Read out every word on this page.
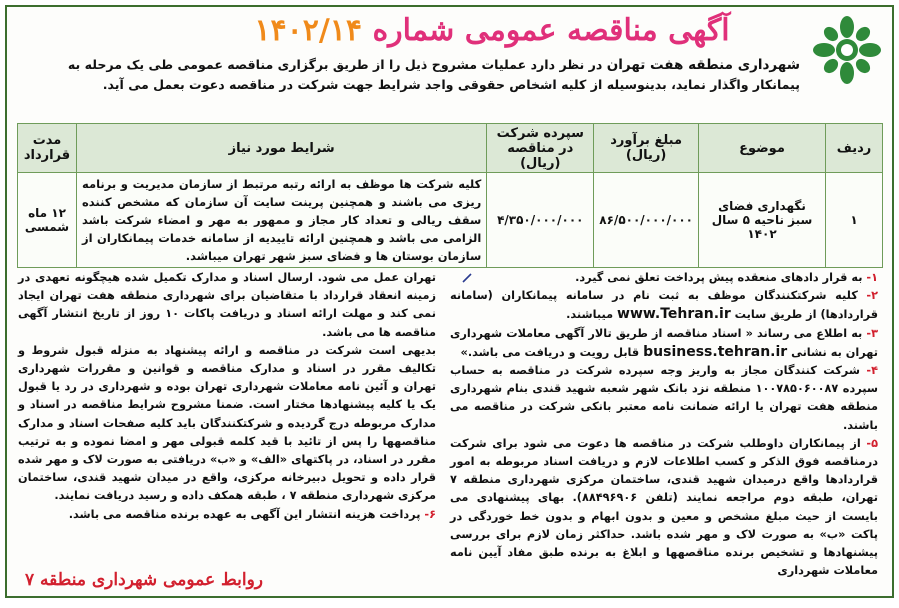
آگهی مناقصه عمومی شماره ۱۴۰۲/۱۴
شهرداری منطقه هفت تهران در نظر دارد عملیات مشروح ذیل را از طریق برگزاری مناقصه عمومی طی یک مرحله به پیمانکار واگذار نماید، بدینوسیله از کلیه اشخاص حقوقی واجد شرایط جهت شرکت در مناقصه دعوت بعمل می آید.
ردیف	موضوع	مبلغ برآورد (ریال)	سپرده شرکت در مناقصه (ریال)	شرایط مورد نیاز	مدت قرارداد
۱	نگهداری فضای سبز ناحیه ۵ سال ۱۴۰۲	۸۶/۵۰۰/۰۰۰/۰۰۰	۴/۳۵۰/۰۰۰/۰۰۰	کلیه شرکت ها موظف به ارائه رتبه مرتبط از سازمان مدیریت و برنامه ریزی می باشند و همچنین پرینت سایت آن سازمان که مشخص کننده سقف ریالی و تعداد کار مجاز و ممهور به مهر و امضاء شرکت باشد الزامی می باشد و همچنین ارائه تاییدیه از سامانه خدمات پیمانکاران از سازمان بوستان ها و فضای سبز شهر تهران میباشد.	۱۲ ماه شمسی

۱- به قرار دادهای منعقده پیش پرداخت تعلق نمی گیرد.

۲- کلیه شرکتکنندگان موظف به ثبت نام در سامانه پیمانکاران (سامانه قراردادها) از طریق سایت www.Tehran.ir میباشند.

۳- به اطلاع می رساند « اسناد مناقصه از طریق تالار آگهی معاملات شهرداری تهران به نشانی business.tehran.ir قابل رویت و دریافت می باشد.»

۴- شرکت کنندگان مجاز به واریز وجه سپرده شرکت در مناقصه به حساب سپرده ۱۰۰۷۸۵۰۶۰۰۸۷ منطقه نزد بانک شهر شعبه شهید قندی بنام شهرداری منطقه هفت تهران یا ارائه ضمانت نامه معتبر بانکی شرکت در مناقصه می باشند.

۵- از پیمانکاران داوطلب شرکت در مناقصه ها دعوت می شود برای شرکت درمناقصه فوق الذکر و کسب اطلاعات لازم و دریافت اسناد مربوطه به امور قراردادها واقع درمیدان شهید قندی، ساختمان مرکزی شهرداری منطقه ۷ تهران، طبقه دوم مراجعه نمایند (تلفن ۸۸۴۹۶۹۰۶). بهای پیشنهادی می بایست از حیث مبلغ مشخص و معین و بدون ابهام و بدون خط خوردگی در پاکت «ب» به صورت لاک و مهر شده باشد. حداکثر زمان لازم برای بررسی پیشنهادها و تشخیص برنده مناقصهها و ابلاغ به برنده طبق مفاد آیین نامه معاملات شهرداری

تهران عمل می شود. ارسال اسناد و مدارک تکمیل شده هیچگونه تعهدی در زمینه انعقاد قرارداد با متقاضیان برای شهرداری منطقه هفت تهران ایجاد نمی کند و مهلت ارائه اسناد و دریافت پاکات ۱۰ روز از تاریخ انتشار آگهی مناقصه ها می باشد.

بدیهی است شرکت در مناقصه و ارائه پیشنهاد به منزله قبول شروط و تکالیف مقرر در اسناد و مدارک مناقصه و قوانین و مقررات شهرداری تهران و آئین نامه معاملات شهرداری تهران بوده و شهرداری در رد یا قبول یک یا کلیه پیشنهادها مختار است. ضمنا مشروح شرایط مناقصه در اسناد و مدارک مربوطه درج گردیده و شرکتکنندگان باید کلیه صفحات اسناد و مدارک مناقصهها را پس از تائید با قید کلمه قبولی مهر و امضا نموده و به ترتیب مقرر در اسناد، در پاکتهای «الف» و «ب» دریافتی به صورت لاک و مهر شده قرار داده و تحویل دبیرخانه مرکزی، واقع در میدان شهید قندی، ساختمان مرکزی شهرداری منطقه ۷ ، طبقه همکف داده و رسید دریافت نمایند.

۶- پرداخت هزینه انتشار این آگهی به عهده برنده مناقصه می باشد.

روابط عمومی شهرداری منطقه ۷
